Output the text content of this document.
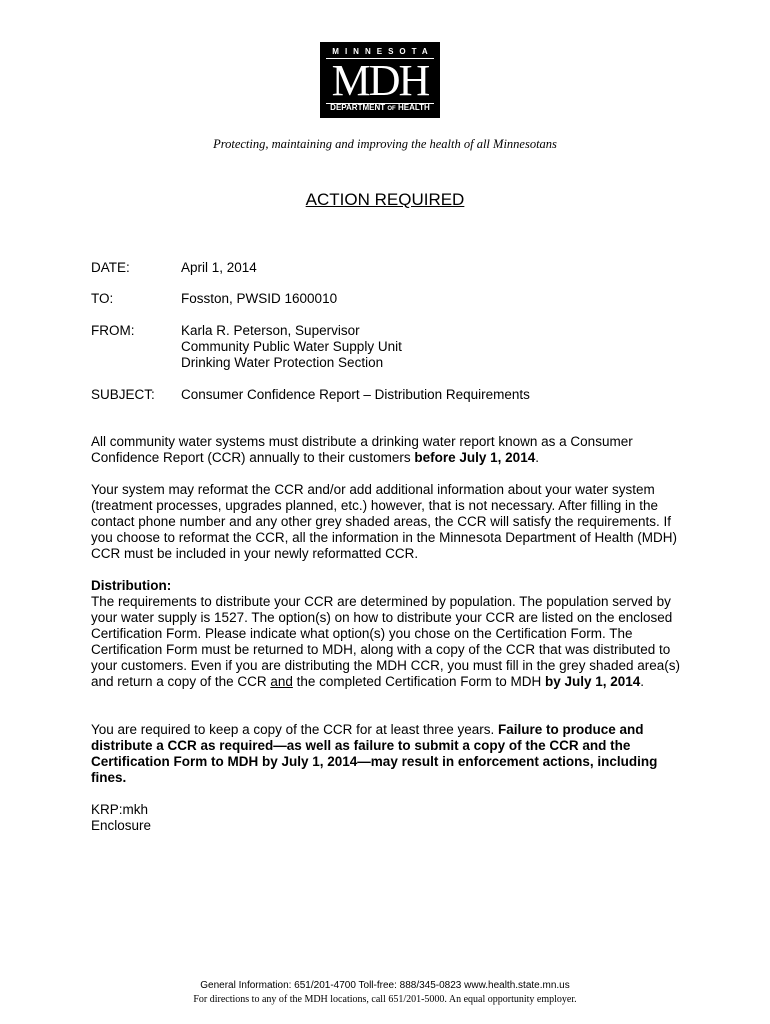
MINNESOTA
MDH
DEPARTMENT OF HEALTH
Protecting, maintaining and improving the health of all Minnesotans
ACTION REQUIRED
DATE:	April 1, 2014
TO:	Fosston, PWSID 1600010
FROM:	Karla R. Peterson, Supervisor
Community Public Water Supply Unit
Drinking Water Protection Section
SUBJECT:	Consumer Confidence Report – Distribution Requirements

All community water systems must distribute a drinking water report known as a Consumer Confidence Report (CCR) annually to their customers before July 1, 2014.

Your system may reformat the CCR and/or add additional information about your water system (treatment processes, upgrades planned, etc.) however, that is not necessary. After filling in the contact phone number and any other grey shaded areas, the CCR will satisfy the requirements. If you choose to reformat the CCR, all the information in the Minnesota Department of Health (MDH) CCR must be included in your newly reformatted CCR.

Distribution:

The requirements to distribute your CCR are determined by population. The population served by your water supply is 1527. The option(s) on how to distribute your CCR are listed on the enclosed Certification Form. Please indicate what option(s) you chose on the Certification Form. The Certification Form must be returned to MDH, along with a copy of the CCR that was distributed to your customers. Even if you are distributing the MDH CCR, you must fill in the grey shaded area(s) and return a copy of the CCR and the completed Certification Form to MDH by July 1, 2014.

You are required to keep a copy of the CCR for at least three years. Failure to produce and distribute a CCR as required—as well as failure to submit a copy of the CCR and the Certification Form to MDH by July 1, 2014—may result in enforcement actions, including fines.

KRP:mkh

Enclosure

General Information: 651/201-4700 Toll-free: 888/345-0823 www.health.state.mn.us
For directions to any of the MDH locations, call 651/201-5000. An equal opportunity employer.
